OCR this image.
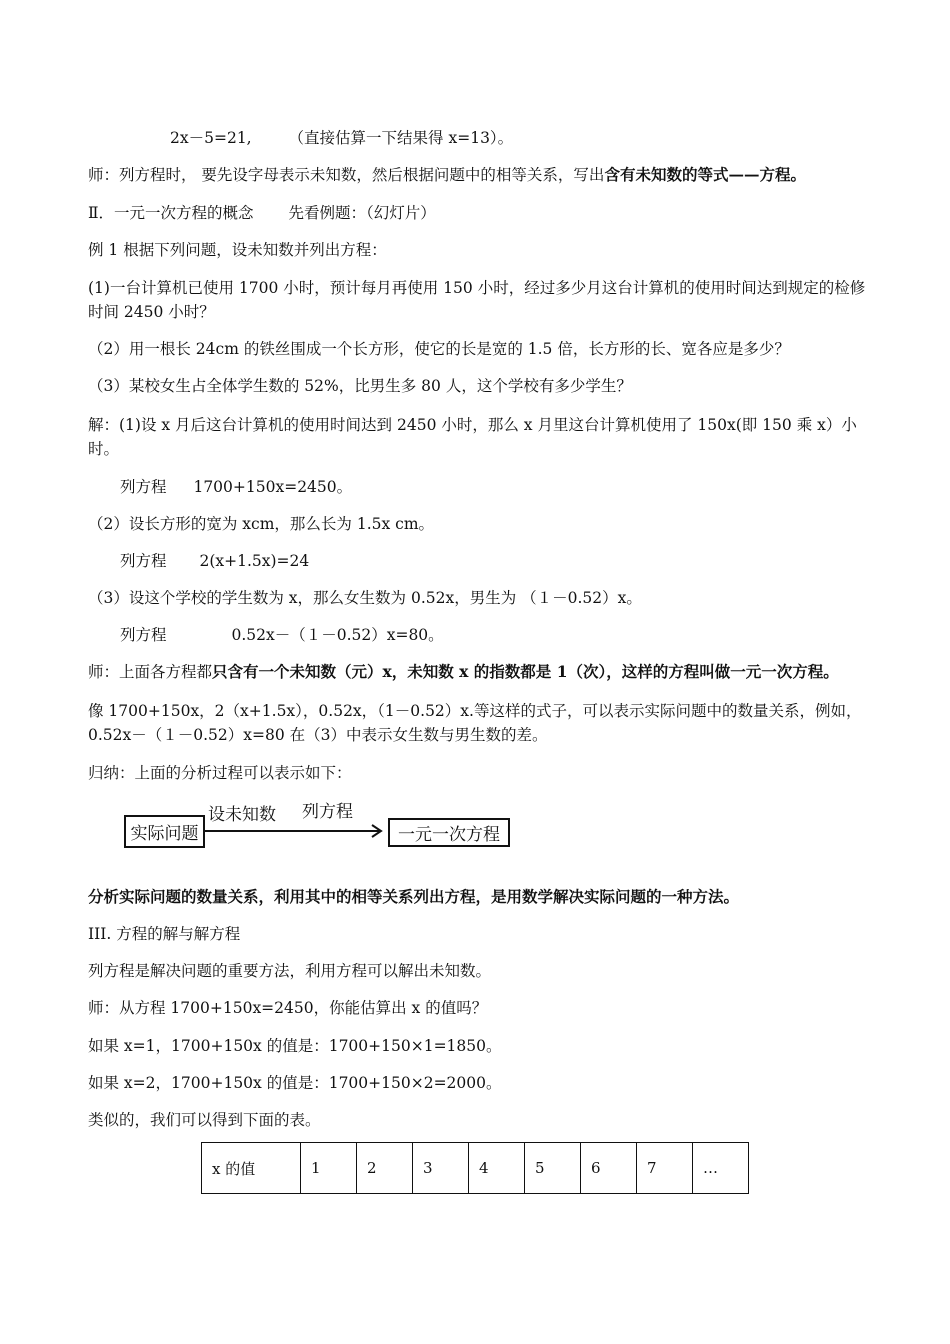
2x－5=21, （直接估算一下结果得 x=13）。
师：列方程时， 要先设字母表示未知数，然后根据问题中的相等关系，写出含有未知数的等式——方程。
Ⅱ．一元一次方程的概念 先看例题：（幻灯片）
例 1 根据下列问题，设未知数并列出方程：
(1)一台计算机已使用 1700 小时，预计每月再使用 150 小时，经过多少月这台计算机的使用时间达到规定的检修时间 2450 小时？
（2）用一根长 24cm 的铁丝围成一个长方形，使它的长是宽的 1.5 倍，长方形的长、宽各应是多少？
（3）某校女生占全体学生数的 52%，比男生多 80 人，这个学校有多少学生？
解：(1)设 x 月后这台计算机的使用时间达到 2450 小时，那么 x 月里这台计算机使用了 150x(即 150 乘 x）小时。
列方程 1700+150x=2450。
（2）设长方形的宽为 xcm，那么长为 1.5x cm。
列方程 2(x+1.5x)=24
（3）设这个学校的学生数为 x，那么女生数为 0.52x，男生为 （１－0.52）x。
列方程	0.52x－（１－0.52）x=80。
师：上面各方程都只含有一个未知数（元）x，未知数 x 的指数都是 1（次），这样的方程叫做一元一次方程。
像 1700+150x，2（x+1.5x），0.52x，（1－0.52）x.等这样的式子，可以表示实际问题中的数量关系，例如，0.52x－（１－0.52）x=80 在（3）中表示女生数与男生数的差。
归纳：上面的分析过程可以表示如下：
实际问题
设未知数 列方程
一元一次方程
分析实际问题的数量关系，利用其中的相等关系列出方程，是用数学解决实际问题的一种方法。
III. 方程的解与解方程
列方程是解决问题的重要方法，利用方程可以解出未知数。
师：从方程 1700+150x=2450，你能估算出 x 的值吗？
如果 x=1，1700+150x 的值是：1700+150×1=1850。
如果 x=2，1700+150x 的值是：1700+150×2=2000。
类似的，我们可以得到下面的表。
x 的值	1	2	3	4	5	6	7	…
